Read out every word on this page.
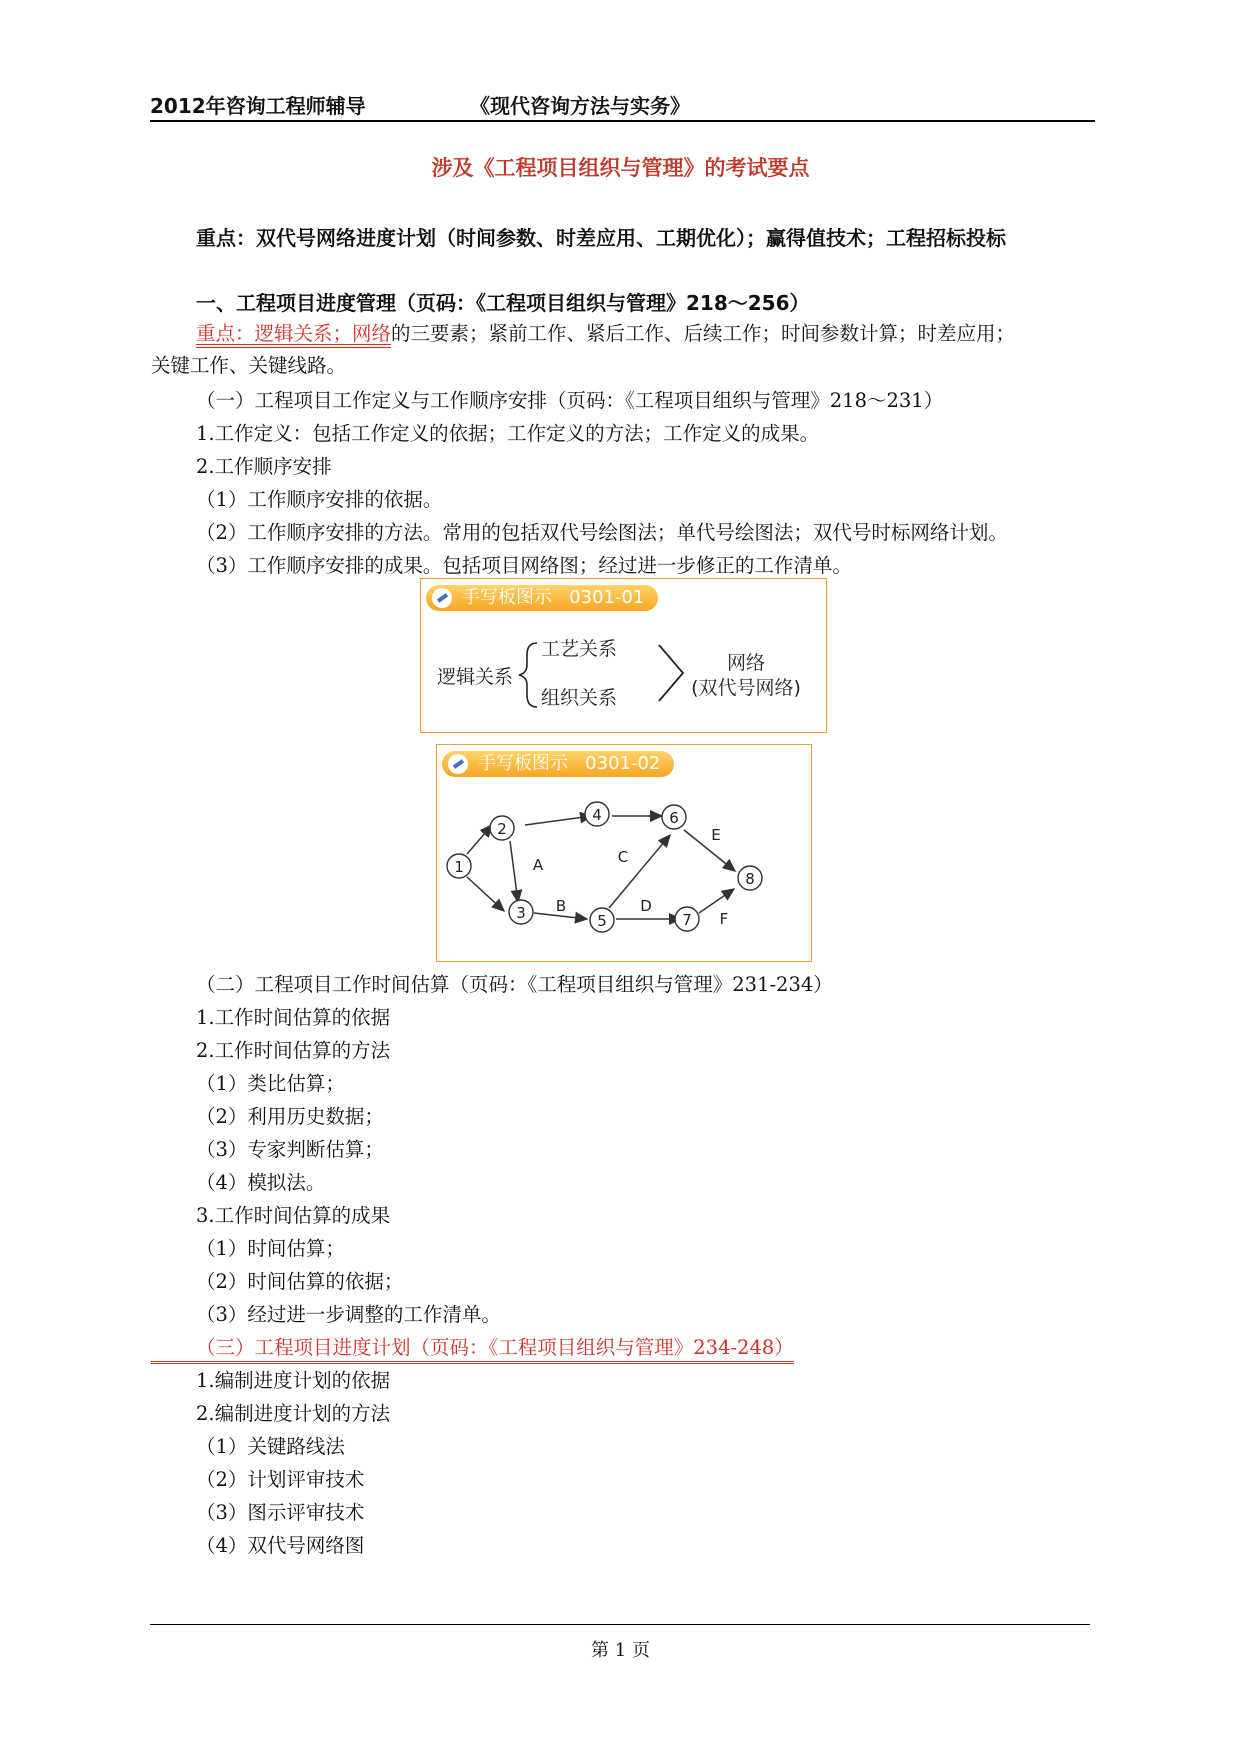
2012年咨询工程师辅导	《现代咨询方法与实务》
涉及《工程项目组织与管理》的考试要点
重点：双代号网络进度计划（时间参数、时差应用、工期优化）；赢得值技术；工程招标投标
一、工程项目进度管理（页码：《工程项目组织与管理》218～256）
重点：逻辑关系；网络的三要素；紧前工作、紧后工作、后续工作；时间参数计算；时差应用；
关键工作、关键线路。
（一）工程项目工作定义与工作顺序安排（页码：《工程项目组织与管理》218～231）
1.工作定义：包括工作定义的依据；工作定义的方法；工作定义的成果。
2.工作顺序安排
（1）工作顺序安排的依据。
（2）工作顺序安排的方法。常用的包括双代号绘图法；单代号绘图法；双代号时标网络计划。
（3）工作顺序安排的成果。包括项目网络图；经过进一步修正的工作清单。
手写板图示 0301-01
逻辑关系
工艺关系
组织关系
网络
(双代号网络)
手写板图示 0301-02
1
2
3
4
5
6
7
8
A
B
C
D
E
F
（二）工程项目工作时间估算（页码：《工程项目组织与管理》231-234）
1.工作时间估算的依据
2.工作时间估算的方法
（1）类比估算；
（2）利用历史数据；
（3）专家判断估算；
（4）模拟法。
3.工作时间估算的成果
（1）时间估算；
（2）时间估算的依据；
（3）经过进一步调整的工作清单。
（三）工程项目进度计划（页码：《工程项目组织与管理》234-248）
1.编制进度计划的依据
2.编制进度计划的方法
（1）关键路线法
（2）计划评审技术
（3）图示评审技术
（4）双代号网络图
第 1 页
